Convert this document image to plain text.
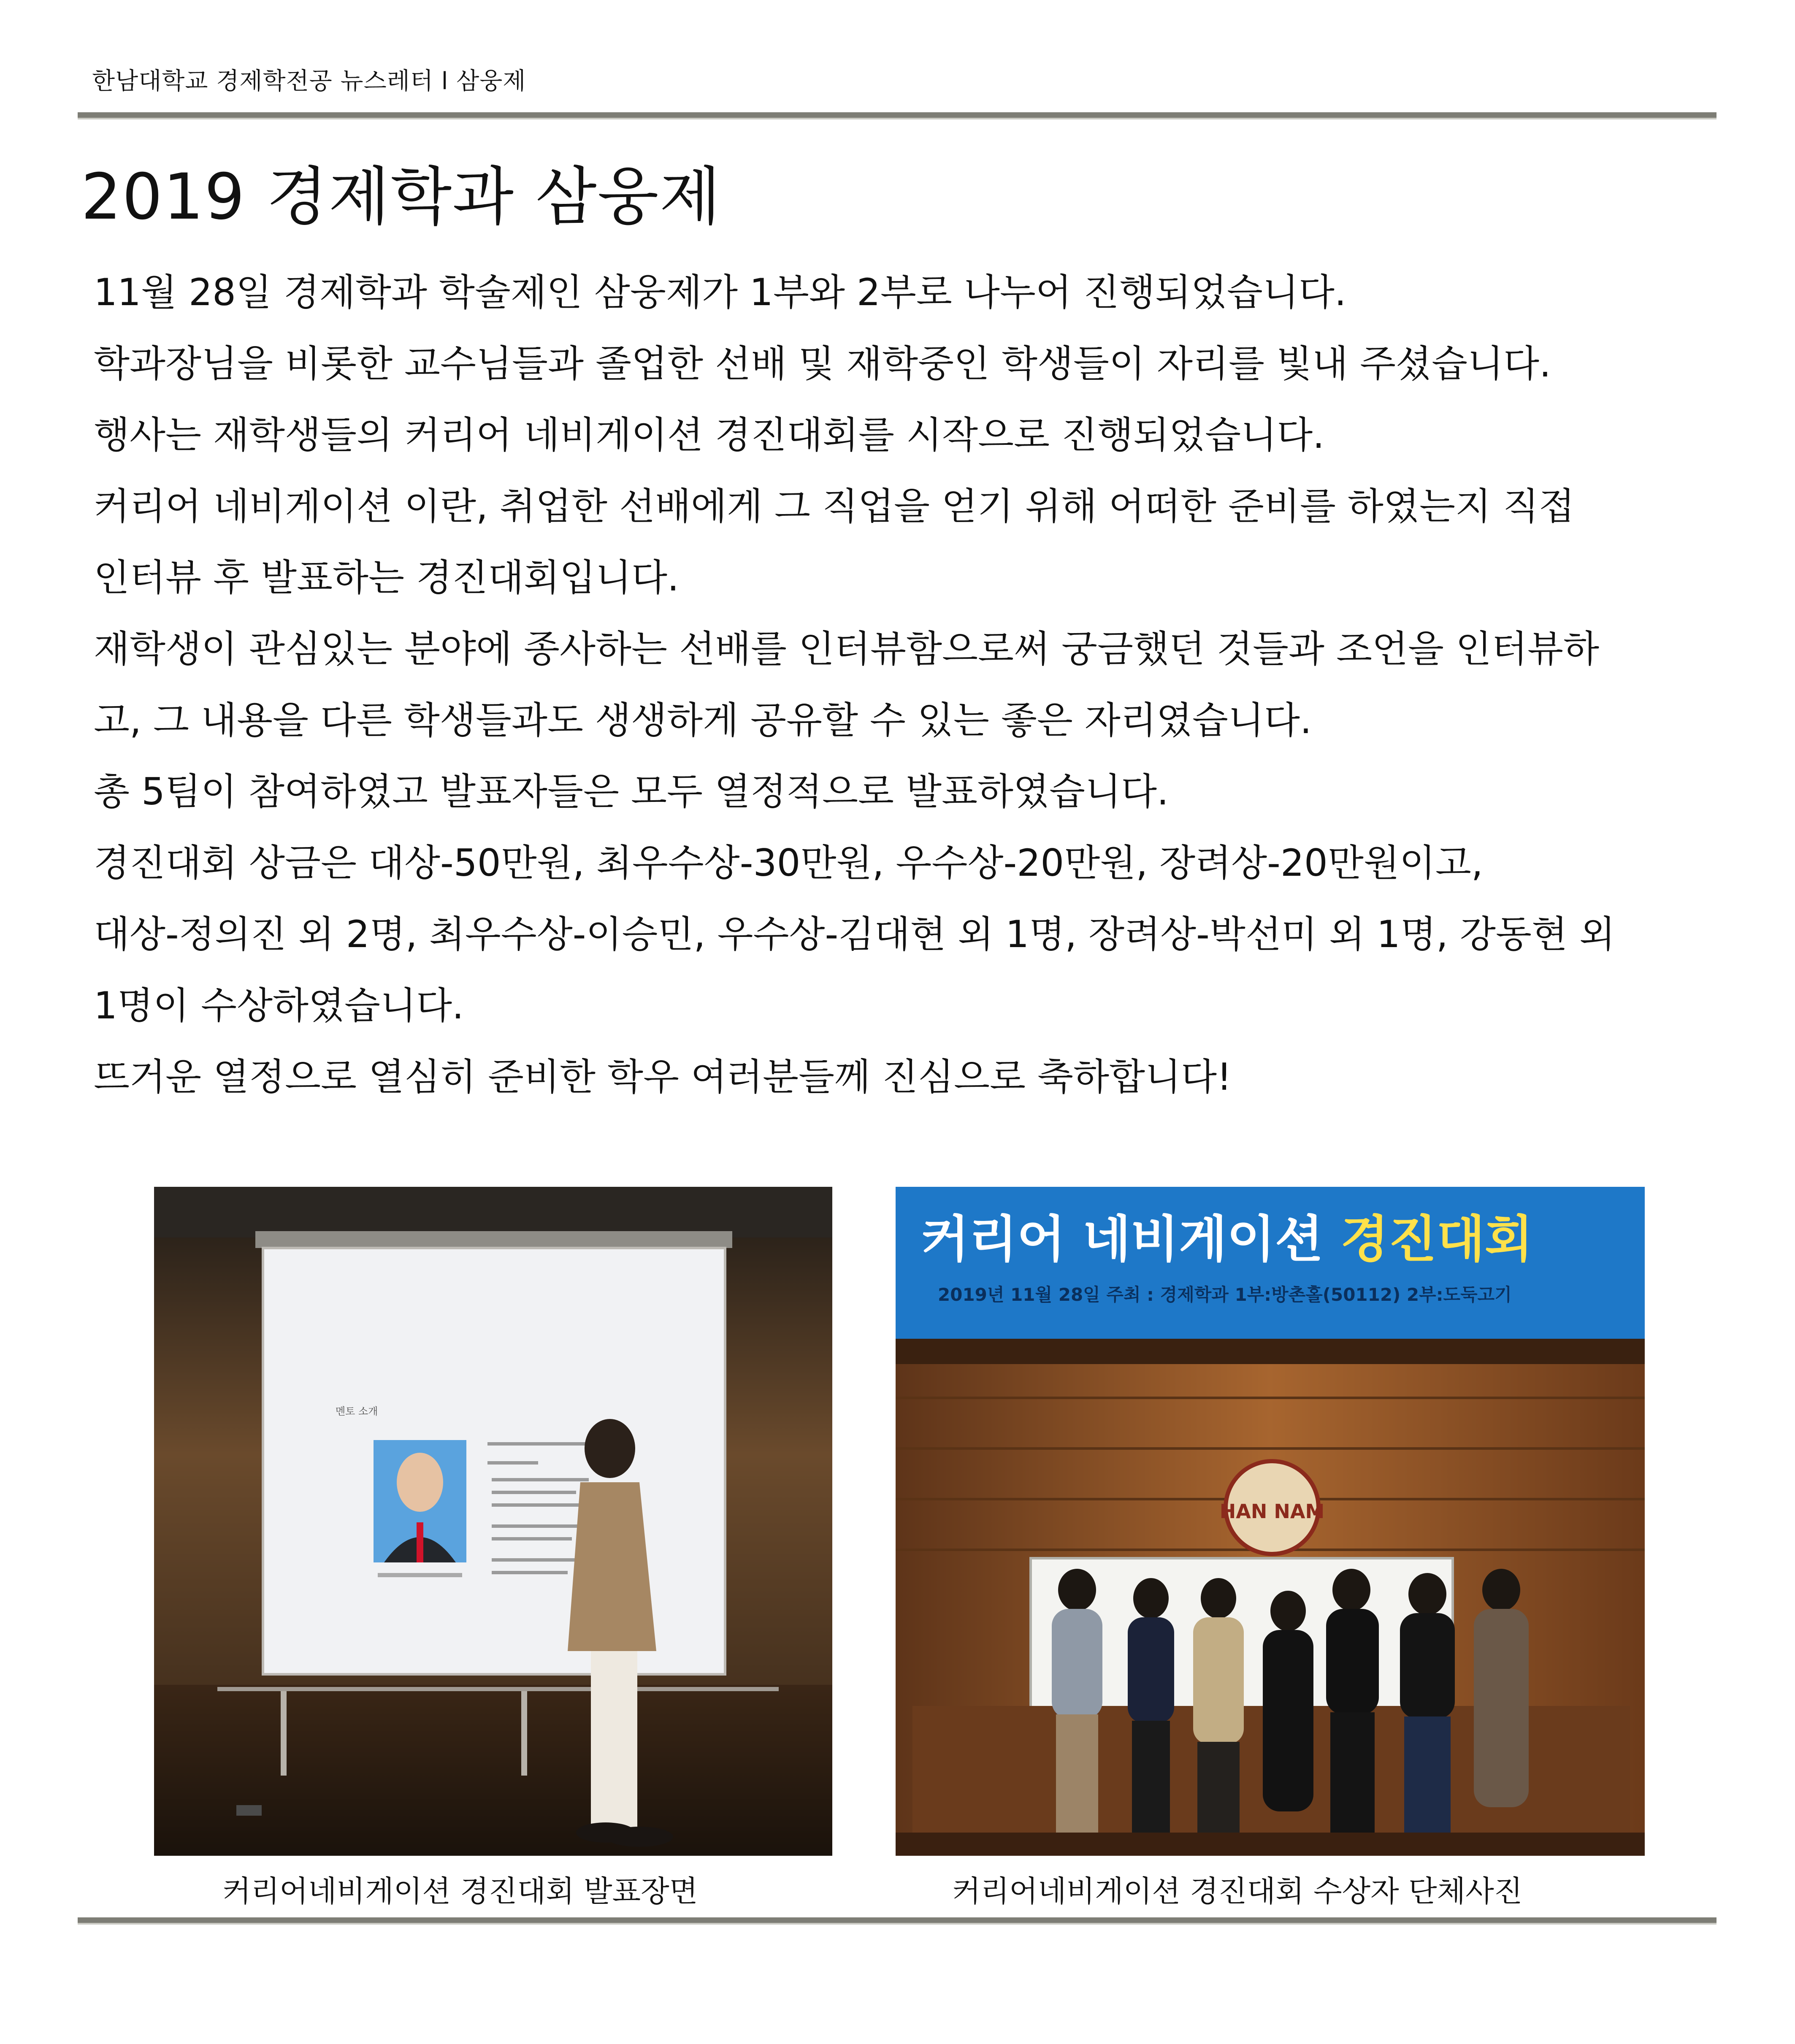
한남대학교 경제학전공 뉴스레터 l 삼웅제
2019 경제학과 삼웅제

11월 28일 경제학과 학술제인 삼웅제가 1부와 2부로 나누어 진행되었습니다.

학과장님을 비롯한 교수님들과 졸업한 선배 및 재학중인 학생들이 자리를 빛내 주셨습니다.

행사는 재학생들의 커리어 네비게이션 경진대회를 시작으로 진행되었습니다.

커리어 네비게이션 이란, 취업한 선배에게 그 직업을 얻기 위해 어떠한 준비를 하였는지 직접

인터뷰 후 발표하는 경진대회입니다.

재학생이 관심있는 분야에 종사하는 선배를 인터뷰함으로써 궁금했던 것들과 조언을 인터뷰하

고, 그 내용을 다른 학생들과도 생생하게 공유할 수 있는 좋은 자리였습니다.

총 5팀이 참여하였고 발표자들은 모두 열정적으로 발표하였습니다.

경진대회 상금은 대상-50만원, 최우수상-30만원, 우수상-20만원, 장려상-20만원이고,

대상-정의진 외 2명, 최우수상-이승민, 우수상-김대현 외 1명, 장려상-박선미 외 1명, 강동현 외

1명이 수상하였습니다.

뜨거운 열정으로 열심히 준비한 학우 여러분들께 진심으로 축하합니다!

멘토 소개
커리어 네비게이션 경진대회
2019년 11월 28일 주최 : 경제학과 1부:방촌홀(50112) 2부:도둑고기
HAN NAM
커리어네비게이션 경진대회 발표장면	커리어네비게이션 경진대회 수상자 단체사진
